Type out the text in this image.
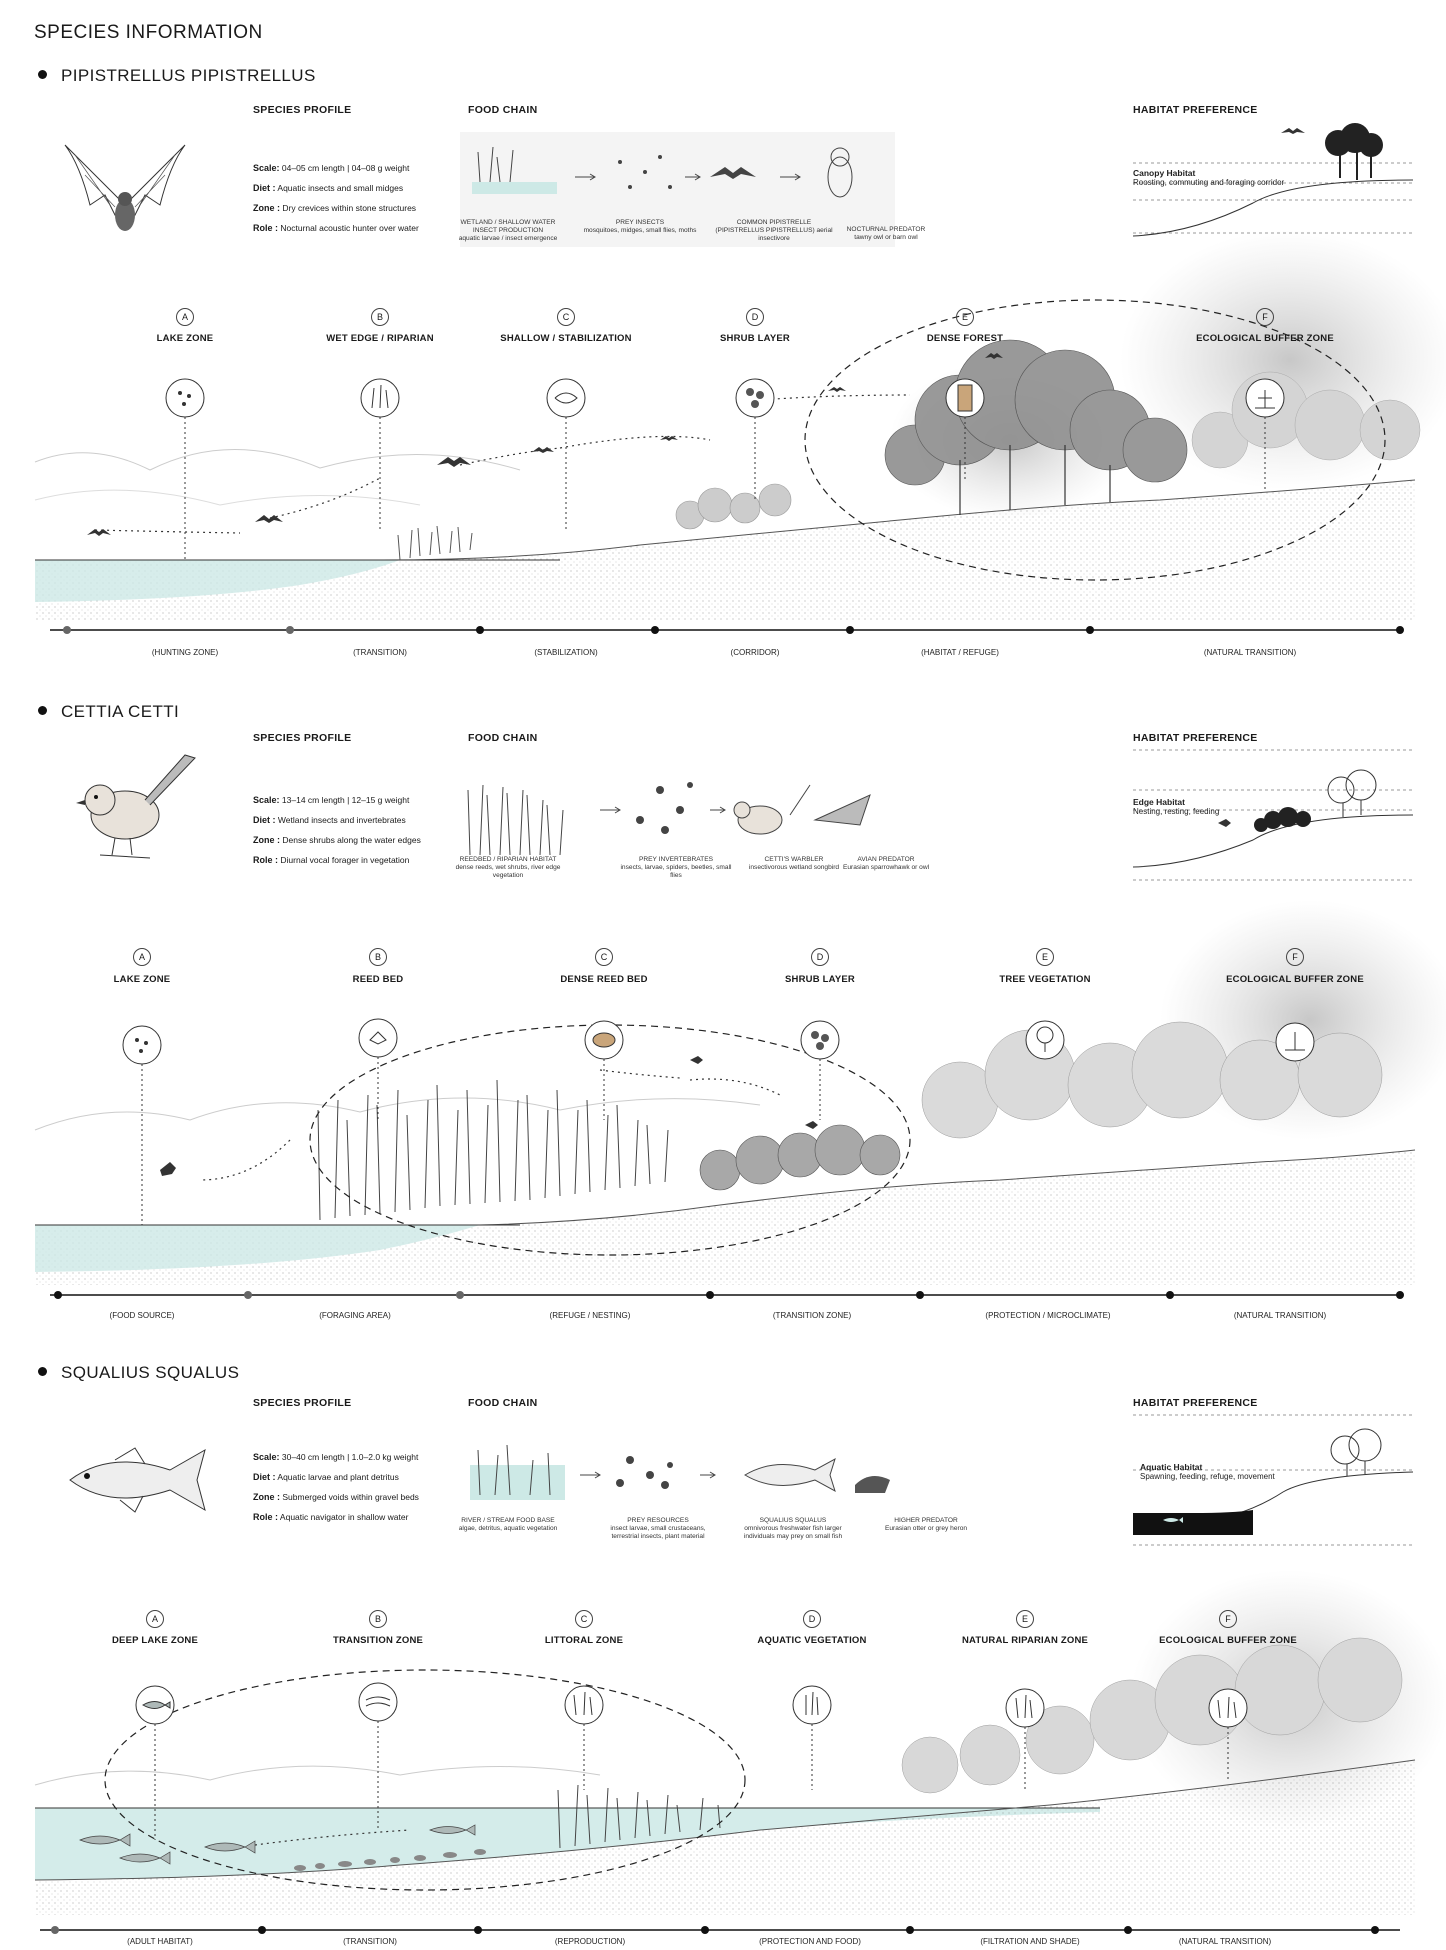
SPECIES INFORMATION
PIPISTRELLUS PIPISTRELLUS
SPECIES PROFILE	FOOD CHAIN	HABITAT PREFERENCE
Scale: 04–05 cm length | 04–08 g weight
Diet : Aquatic insects and small midges
Zone : Dry crevices within stone structures
Role : Nocturnal acoustic hunter over water
WETLAND / SHALLOW WATER INSECT PRODUCTION
aquatic larvae / insect emergence
PREY INSECTS
mosquitoes, midges, small flies, moths
COMMON PIPISTRELLE
(PIPISTRELLUS PIPISTRELLUS) aerial insectivore
NOCTURNAL PREDATOR
tawny owl or barn owl
Canopy Habitat
Roosting, commuting and foraging corridor
A	B	C	D	E	F
LAKE ZONE	WET EDGE / RIPARIAN	SHALLOW / STABILIZATION	SHRUB LAYER	DENSE FOREST	ECOLOGICAL BUFFER ZONE
(HUNTING ZONE)	(TRANSITION)	(STABILIZATION)	(CORRIDOR)	(HABITAT / REFUGE)	(NATURAL TRANSITION)
CETTIA CETTI
SPECIES PROFILE	FOOD CHAIN	HABITAT PREFERENCE
Scale: 13–14 cm length | 12–15 g weight
Diet : Wetland insects and invertebrates
Zone : Dense shrubs along the water edges
Role : Diurnal vocal forager in vegetation	REEDBED / RIPARIAN HABITAT
dense reeds, wet shrubs, river edge vegetation
PREY INVERTEBRATES
insects, larvae, spiders, beetles, small flies
CETTI'S WARBLER
insectivorous wetland songbird
AVIAN PREDATOR
Eurasian sparrowhawk or owl
Edge Habitat
Nesting, resting, feeding
A	B	C	D	E	F
LAKE ZONE	REED BED	DENSE REED BED	SHRUB LAYER	TREE VEGETATION	ECOLOGICAL BUFFER ZONE
(FOOD SOURCE)	(FORAGING AREA)	(REFUGE / NESTING)	(TRANSITION ZONE)	(PROTECTION / MICROCLIMATE)	(NATURAL TRANSITION)
SQUALIUS SQUALUS
SPECIES PROFILE	FOOD CHAIN	HABITAT PREFERENCE
Scale: 30–40 cm length | 1.0–2.0 kg weight
Diet : Aquatic larvae and plant detritus
Zone : Submerged voids within gravel beds
Role : Aquatic navigator in shallow water	RIVER / STREAM FOOD BASE
algae, detritus, aquatic vegetation
PREY RESOURCES
insect larvae, small crustaceans, terrestrial insects, plant material
SQUALIUS SQUALUS
omnivorous freshwater fish larger individuals may prey on small fish
HIGHER PREDATOR
Eurasian otter or grey heron
Aquatic Habitat
Spawning, feeding, refuge, movement
A	B	C	D	E	F
DEEP LAKE ZONE	TRANSITION ZONE	LITTORAL ZONE	AQUATIC VEGETATION	NATURAL RIPARIAN ZONE	ECOLOGICAL BUFFER ZONE
(ADULT HABITAT)	(TRANSITION)	(REPRODUCTION)	(PROTECTION AND FOOD)	(FILTRATION AND SHADE)	(NATURAL TRANSITION)
